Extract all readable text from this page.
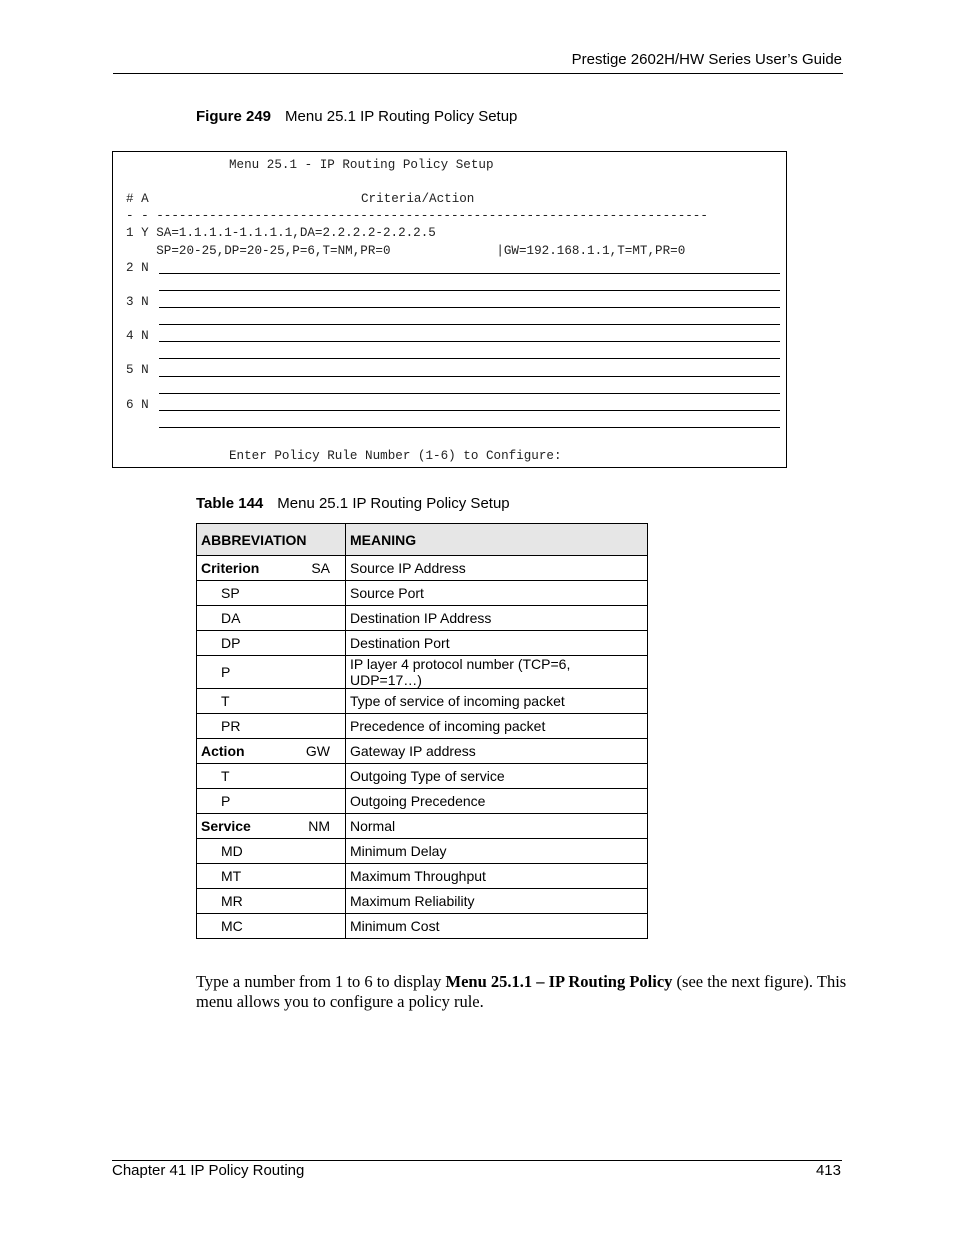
Prestige 2602H/HW Series User’s Guide
Figure 249 Menu 25.1 IP Routing Policy Setup
Menu 25.1 - IP Routing Policy Setup
# A	Criteria/Action
- - -------------------------------------------------------------------------
1 Y SA=1.1.1.1-1.1.1.1,DA=2.2.2.2-2.2.2.5
SP=20-25,DP=20-25,P=6,T=NM,PR=0              |GW=192.168.1.1,T=MT,PR=0
2 N
3 N
4 N
5 N
6 N
Enter Policy Rule Number (1-6) to Configure:
Table 144 Menu 25.1 IP Routing Policy Setup
ABBREVIATION	MEANING
Criterion SA	Source IP Address
SP	Source Port
DA	Destination IP Address
DP	Destination Port
P	IP layer 4 protocol number (TCP=6, UDP=17…)
T	Type of service of incoming packet
PR	Precedence of incoming packet
Action GW	Gateway IP address
T	Outgoing Type of service
P	Outgoing Precedence
Service NM	Normal
MD	Minimum Delay
MT	Maximum Throughput
MR	Maximum Reliability
MC	Minimum Cost

Type a number from 1 to 6 to display Menu 25.1.1 – IP Routing Policy (see the next figure). This menu allows you to configure a policy rule.

Chapter 41 IP Policy Routing	413
